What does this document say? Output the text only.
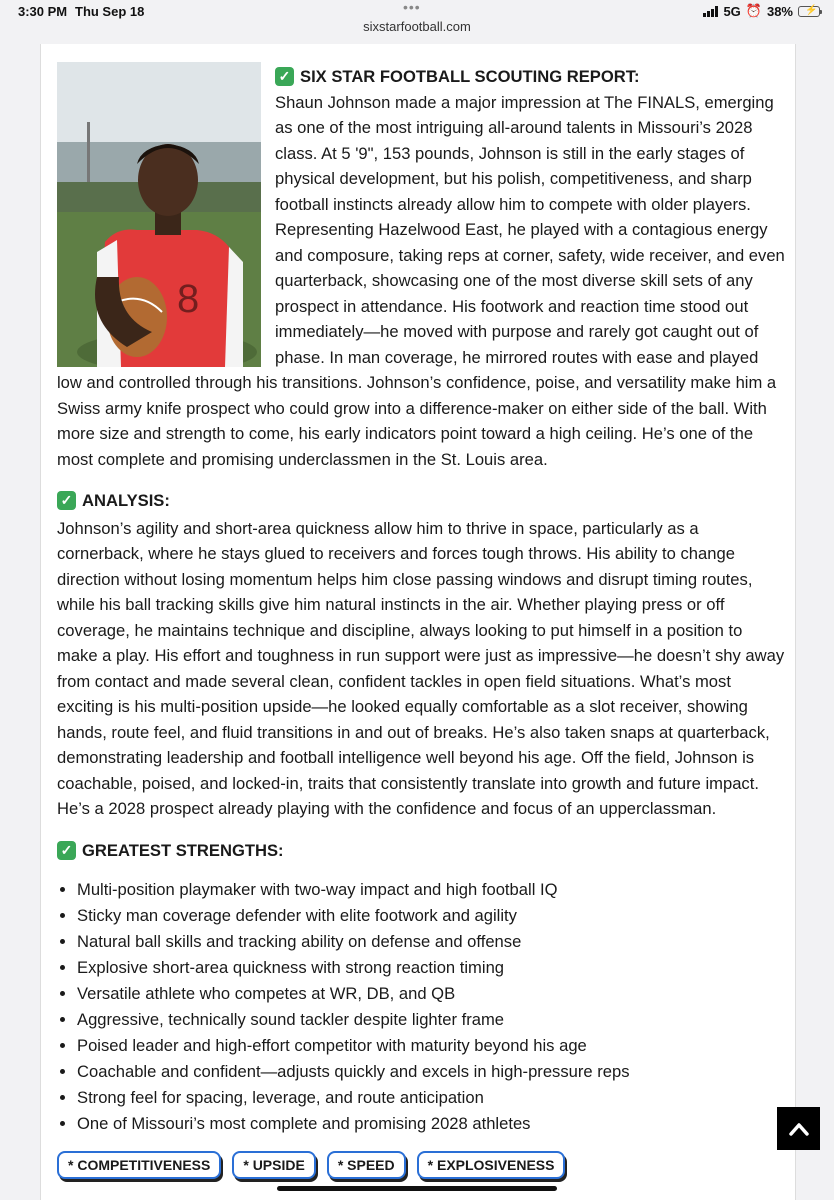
3:30 PM Thu Sep 18	•••	5G ⏰ 38% ⚡
sixstarfootball.com
8
✓ SIX STAR FOOTBALL SCOUTING REPORT:

Shaun Johnson made a major impression at The FINALS, emerging as one of the most intriguing all-around talents in Missouri’s 2028 class. At 5 '9", 153 pounds, Johnson is still in the early stages of physical development, but his polish, competitiveness, and sharp football instincts already allow him to compete with older players. Representing Hazelwood East, he played with a contagious energy and composure, taking reps at corner, safety, wide receiver, and even quarterback, showcasing one of the most diverse skill sets of any prospect in attendance. His footwork and reaction time stood out immediately—he moved with purpose and rarely got caught out of phase. In man coverage, he mirrored routes with ease and played low and controlled through his transitions. Johnson’s confidence, poise, and versatility make him a Swiss army knife prospect who could grow into a difference-maker on either side of the ball. With more size and strength to come, his early indicators point toward a high ceiling. He’s one of the most complete and promising underclassmen in the St. Louis area.

✓ ANALYSIS:

Johnson’s agility and short-area quickness allow him to thrive in space, particularly as a cornerback, where he stays glued to receivers and forces tough throws. His ability to change direction without losing momentum helps him close passing windows and disrupt timing routes, while his ball tracking skills give him natural instincts in the air. Whether playing press or off coverage, he maintains technique and discipline, always looking to put himself in a position to make a play. His effort and toughness in run support were just as impressive—he doesn’t shy away from contact and made several clean, confident tackles in open field situations. What’s most exciting is his multi-position upside—he looked equally comfortable as a slot receiver, showing hands, route feel, and fluid transitions in and out of breaks. He’s also taken snaps at quarterback, demonstrating leadership and football intelligence well beyond his age. Off the field, Johnson is coachable, poised, and locked-in, traits that consistently translate into growth and future impact. He’s a 2028 prospect already playing with the confidence and focus of an upperclassman.

✓ GREATEST STRENGTHS:
• Multi-position playmaker with two-way impact and high football IQ
• Sticky man coverage defender with elite footwork and agility
• Natural ball skills and tracking ability on defense and offense
• Explosive short-area quickness with strong reaction timing
• Versatile athlete who competes at WR, DB, and QB
• Aggressive, technically sound tackler despite lighter frame
• Poised leader and high-effort competitor with maturity beyond his age
• Coachable and confident—adjusts quickly and excels in high-pressure reps
• Strong feel for spacing, leverage, and route anticipation
• One of Missouri’s most complete and promising 2028 athletes
* COMPETITIVENESS	* UPSIDE	* SPEED	* EXPLOSIVENESS
